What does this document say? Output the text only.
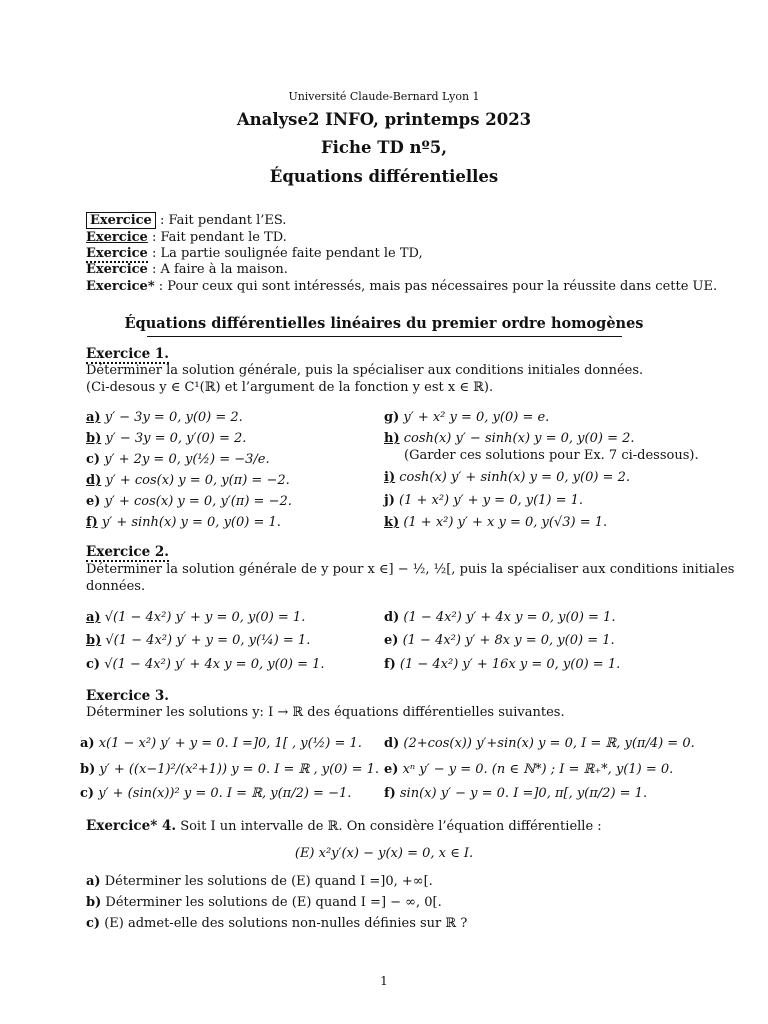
Université Claude-Bernard Lyon 1
Analyse2 INFO, printemps 2023
Fiche TD nº5,
Équations différentielles
Exercice : Fait pendant l’ES.
Exercice : Fait pendant le TD.
Exercice : La partie soulignée faite pendant le TD,
Exercice : A faire à la maison.
Exercice* : Pour ceux qui sont intéressés, mais pas nécessaires pour la réussite dans cette UE.
Équations différentielles linéaires du premier ordre homogènes
Exercice 1.
Déterminer la solution générale, puis la spécialiser aux conditions initiales données.
(Ci-desous y ∈ C¹(ℝ) et l’argument de la fonction y est x ∈ ℝ).
a) y′ − 3y = 0, y(0) = 2.
b) y′ − 3y = 0, y′(0) = 2.
c) y′ + 2y = 0, y(½) = −3/e.
d) y′ + cos(x) y = 0, y(π) = −2.
e) y′ + cos(x) y = 0, y′(π) = −2.
f) y′ + sinh(x) y = 0, y(0) = 1.
g) y′ + x² y = 0, y(0) = e.
h) cosh(x) y′ − sinh(x) y = 0, y(0) = 2.
(Garder ces solutions pour Ex. 7 ci-dessous).
i) cosh(x) y′ + sinh(x) y = 0, y(0) = 2.
j) (1 + x²) y′ + y = 0, y(1) = 1.
k) (1 + x²) y′ + x y = 0, y(√3) = 1.
Exercice 2.
Déterminer la solution générale de y pour x ∈] − ½, ½[, puis la spécialiser aux conditions initiales
données.
a) √(1 − 4x²) y′ + y = 0, y(0) = 1.
b) √(1 − 4x²) y′ + y = 0, y(¼) = 1.
c) √(1 − 4x²) y′ + 4x y = 0, y(0) = 1.
d) (1 − 4x²) y′ + 4x y = 0, y(0) = 1.
e) (1 − 4x²) y′ + 8x y = 0, y(0) = 1.
f) (1 − 4x²) y′ + 16x y = 0, y(0) = 1.
Exercice 3.
Déterminer les solutions y: I → ℝ des équations différentielles suivantes.
a) x(1 − x²) y′ + y = 0. I =]0, 1[ , y(½) = 1.
b) y′ + ((x−1)²/(x²+1)) y = 0. I = ℝ , y(0) = 1.
c) y′ + (sin(x))² y = 0. I = ℝ, y(π/2) = −1.
d) (2+cos(x)) y′+sin(x) y = 0, I = ℝ, y(π/4) = 0.
e) xⁿ y′ − y = 0. (n ∈ ℕ*) ; I = ℝ₊*, y(1) = 0.
f) sin(x) y′ − y = 0. I =]0, π[, y(π/2) = 1.
Exercice* 4. Soit I un intervalle de ℝ. On considère l’équation différentielle :
(E) x²y′(x) − y(x) = 0, x ∈ I.
a) Déterminer les solutions de (E) quand I =]0, +∞[.
b) Déterminer les solutions de (E) quand I =] − ∞, 0[.
c) (E) admet-elle des solutions non-nulles définies sur ℝ ?
1
